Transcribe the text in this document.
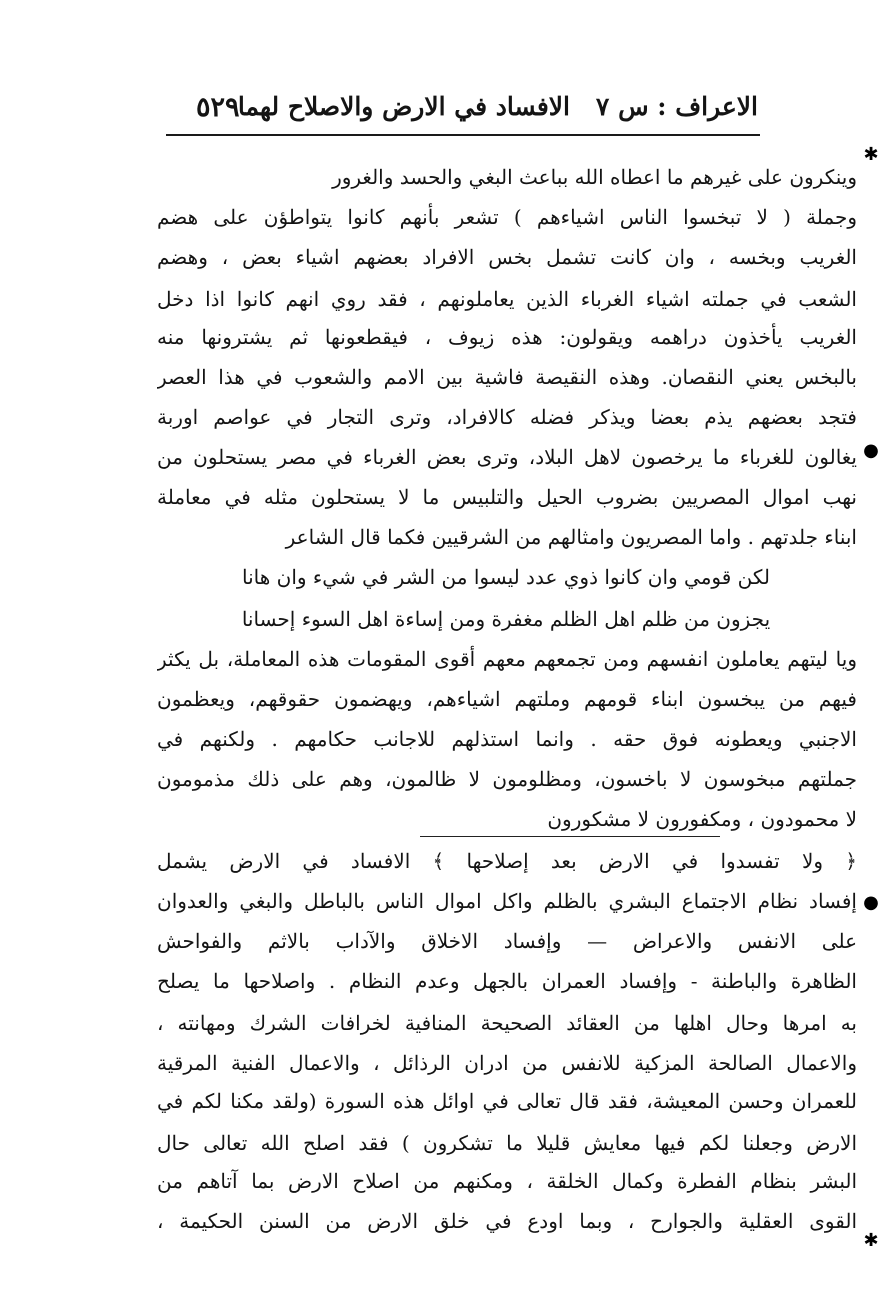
الاعراف : س ٧
الافساد في الارض والاصلاح لهما
٥٢٩
وينكرون على غيرهم ما اعطاه الله بباعث البغي والحسد والغرور
وجملة ( لا تبخسوا الناس اشياءهم ) تشعر بأنهم كانوا يتواطؤن على هضم
الغريب وبخسه ، وان كانت تشمل بخس الافراد بعضهم اشياء بعض ، وهضم
الشعب في جملته اشياء الغرباء الذين يعاملونهم ، فقد روي انهم كانوا اذا دخل
الغريب يأخذون دراهمه ويقولون: هذه زيوف ، فيقطعونها ثم يشترونها منه
بالبخس يعني النقصان. وهذه النقيصة فاشية بين الامم والشعوب في هذا العصر
فتجد بعضهم يذم بعضا ويذكر فضله كالافراد، وترى التجار في عواصم اوربة
يغالون للغرباء ما يرخصون لاهل البلاد، وترى بعض الغرباء في مصر يستحلون من
نهب اموال المصريين بضروب الحيل والتلبيس ما لا يستحلون مثله في معاملة
ابناء جلدتهم . واما المصريون وامثالهم من الشرقيين فكما قال الشاعر
لكن قومي وان كانوا ذوي عدد ليسوا من الشر في شيء وان هانا
يجزون من ظلم اهل الظلم مغفرة ومن إساءة اهل السوء إحسانا
ويا ليتهم يعاملون انفسهم ومن تجمعهم معهم أقوى المقومات هذه المعاملة، بل يكثر
فيهم من يبخسون ابناء قومهم وملتهم اشياءهم، ويهضمون حقوقهم، ويعظمون
الاجنبي ويعطونه فوق حقه . وانما استذلهم للاجانب حكامهم . ولكنهم في
جملتهم مبخوسون لا باخسون، ومظلومون لا ظالمون، وهم على ذلك مذمومون
لا محمودون ، ومكفورون لا مشكورون
﴿ ولا تفسدوا في الارض بعد إصلاحها ﴾ الافساد في الارض يشمل
إفساد نظام الاجتماع البشري بالظلم واكل اموال الناس بالباطل والبغي والعدوان
على الانفس والاعراض — وإفساد الاخلاق والآداب بالاثم والفواحش
الظاهرة والباطنة - وإفساد العمران بالجهل وعدم النظام . واصلاحها ما يصلح
به امرها وحال اهلها من العقائد الصحيحة المنافية لخرافات الشرك ومهانته ،
والاعمال الصالحة المزكية للانفس من ادران الرذائل ، والاعمال الفنية المرقية
للعمران وحسن المعيشة، فقد قال تعالى في اوائل هذه السورة (ولقد مكنا لكم في
الارض وجعلنا لكم فيها معايش قليلا ما تشكرون ) فقد اصلح الله تعالى حال
البشر بنظام الفطرة وكمال الخلقة ، ومكنهم من اصلاح الارض بما آتاهم من
القوى العقلية والجوارح ، وبما اودع في خلق الارض من السنن الحكيمة ،
✱
●
●
✱
